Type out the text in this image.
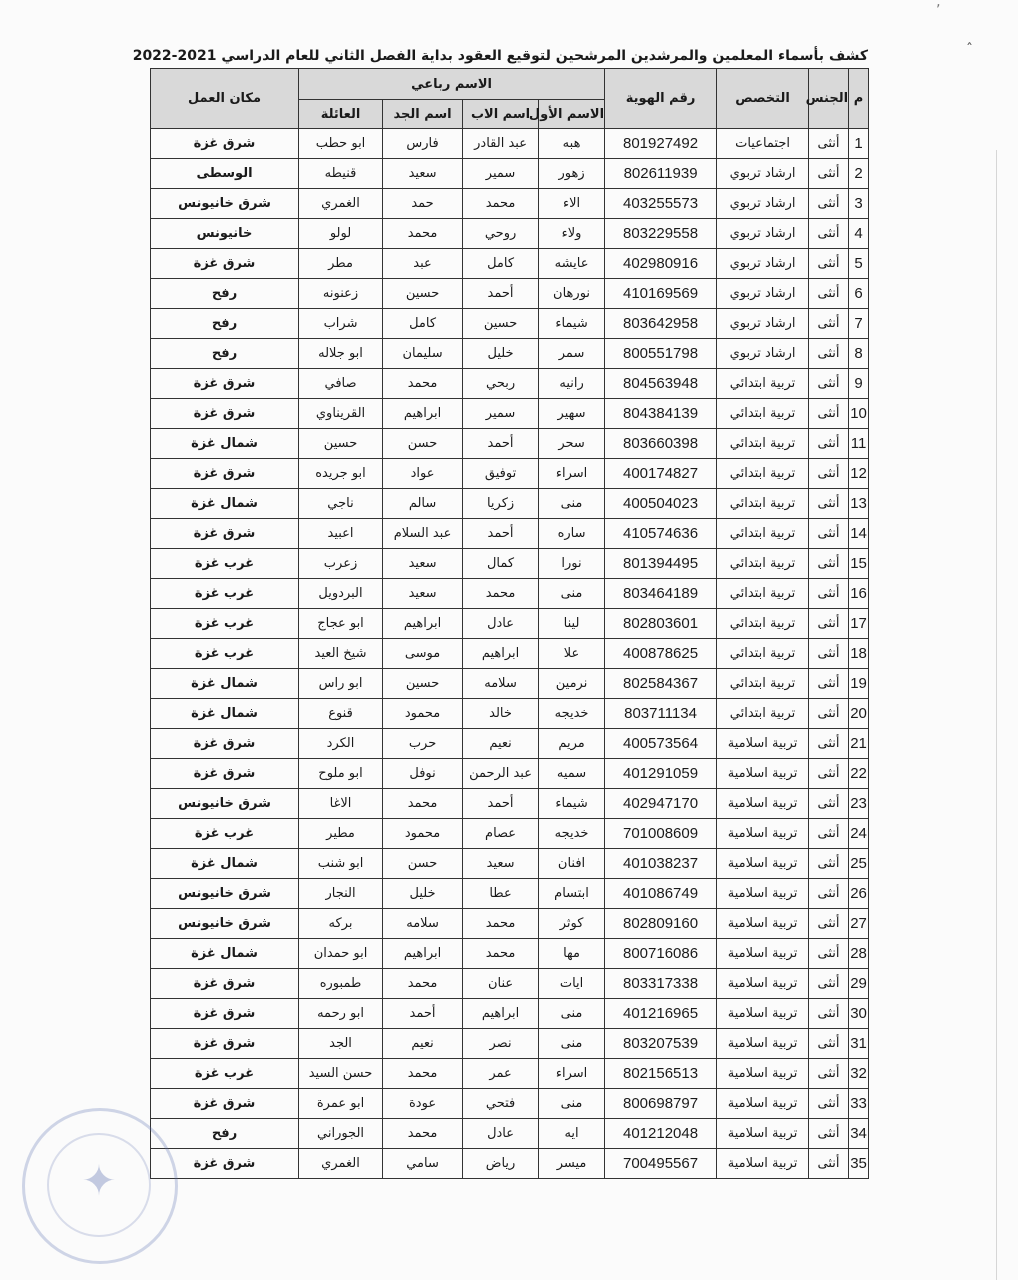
‚
ˆ
كشف بأسماء المعلمين والمرشدين المرشحين لتوقيع العقود بداية الفصل الثاني للعام الدراسي 2021-2022
م	الجنس	التخصص	رقم الهوية	الاسم رباعي				مكان العمل
				الاسم الأول	اسم الاب	اسم الجد	العائلة	
1	أنثى	اجتماعيات	801927492	هبه	عبد القادر	فارس	ابو حطب	شرق غزة
2	أنثى	ارشاد تربوي	802611939	زهور	سمير	سعيد	قنيطه	الوسطى
3	أنثى	ارشاد تربوي	403255573	الاء	محمد	حمد	الغمري	شرق خانيونس
4	أنثى	ارشاد تربوي	803229558	ولاء	روحي	محمد	لولو	خانيونس
5	أنثى	ارشاد تربوي	402980916	عايشه	كامل	عبد	مطر	شرق غزة
6	أنثى	ارشاد تربوي	410169569	نورهان	أحمد	حسين	زعنونه	رفح
7	أنثى	ارشاد تربوي	803642958	شيماء	حسين	كامل	شراب	رفح
8	أنثى	ارشاد تربوي	800551798	سمر	خليل	سليمان	ابو جلاله	رفح
9	أنثى	تربية ابتدائي	804563948	رانيه	ربحي	محمد	صافي	شرق غزة
10	أنثى	تربية ابتدائي	804384139	سهير	سمير	ابراهيم	القريناوي	شرق غزة
11	أنثى	تربية ابتدائي	803660398	سحر	أحمد	حسن	حسين	شمال غزة
12	أنثى	تربية ابتدائي	400174827	اسراء	توفيق	عواد	ابو جريده	شرق غزة
13	أنثى	تربية ابتدائي	400504023	منى	زكريا	سالم	ناجي	شمال غزة
14	أنثى	تربية ابتدائي	410574636	ساره	أحمد	عبد السلام	اعبيد	شرق غزة
15	أنثى	تربية ابتدائي	801394495	نورا	كمال	سعيد	زعرب	غرب غزة
16	أنثى	تربية ابتدائي	803464189	منى	محمد	سعيد	البردويل	غرب غزة
17	أنثى	تربية ابتدائي	802803601	لينا	عادل	ابراهيم	ابو عجاج	غرب غزة
18	أنثى	تربية ابتدائي	400878625	علا	ابراهيم	موسى	شيخ العيد	غرب غزة
19	أنثى	تربية ابتدائي	802584367	نرمين	سلامه	حسين	ابو راس	شمال غزة
20	أنثى	تربية ابتدائي	803711134	خديجه	خالد	محمود	قنوع	شمال غزة
21	أنثى	تربية اسلامية	400573564	مريم	نعيم	حرب	الكرد	شرق غزة
22	أنثى	تربية اسلامية	401291059	سميه	عبد الرحمن	نوفل	ابو ملوح	شرق غزة
23	أنثى	تربية اسلامية	402947170	شيماء	أحمد	محمد	الاغا	شرق خانيونس
24	أنثى	تربية اسلامية	701008609	خديجه	عصام	محمود	مطير	غرب غزة
25	أنثى	تربية اسلامية	401038237	افنان	سعيد	حسن	ابو شنب	شمال غزة
26	أنثى	تربية اسلامية	401086749	ابتسام	عطا	خليل	النجار	شرق خانيونس
27	أنثى	تربية اسلامية	802809160	كوثر	محمد	سلامه	بركه	شرق خانيونس
28	أنثى	تربية اسلامية	800716086	مها	محمد	ابراهيم	ابو حمدان	شمال غزة
29	أنثى	تربية اسلامية	803317338	ايات	عنان	محمد	طمبوره	شرق غزة
30	أنثى	تربية اسلامية	401216965	منى	ابراهيم	أحمد	ابو رحمه	شرق غزة
31	أنثى	تربية اسلامية	803207539	منى	نصر	نعيم	الجد	شرق غزة
32	أنثى	تربية اسلامية	802156513	اسراء	عمر	محمد	حسن السيد	غرب غزة
33	أنثى	تربية اسلامية	800698797	منى	فتحي	عودة	ابو عمرة	شرق غزة
34	أنثى	تربية اسلامية	401212048	ايه	عادل	محمد	الجوراني	رفح
35	أنثى	تربية اسلامية	700495567	ميسر	رياض	سامي	الغمري	شرق غزة
✦
